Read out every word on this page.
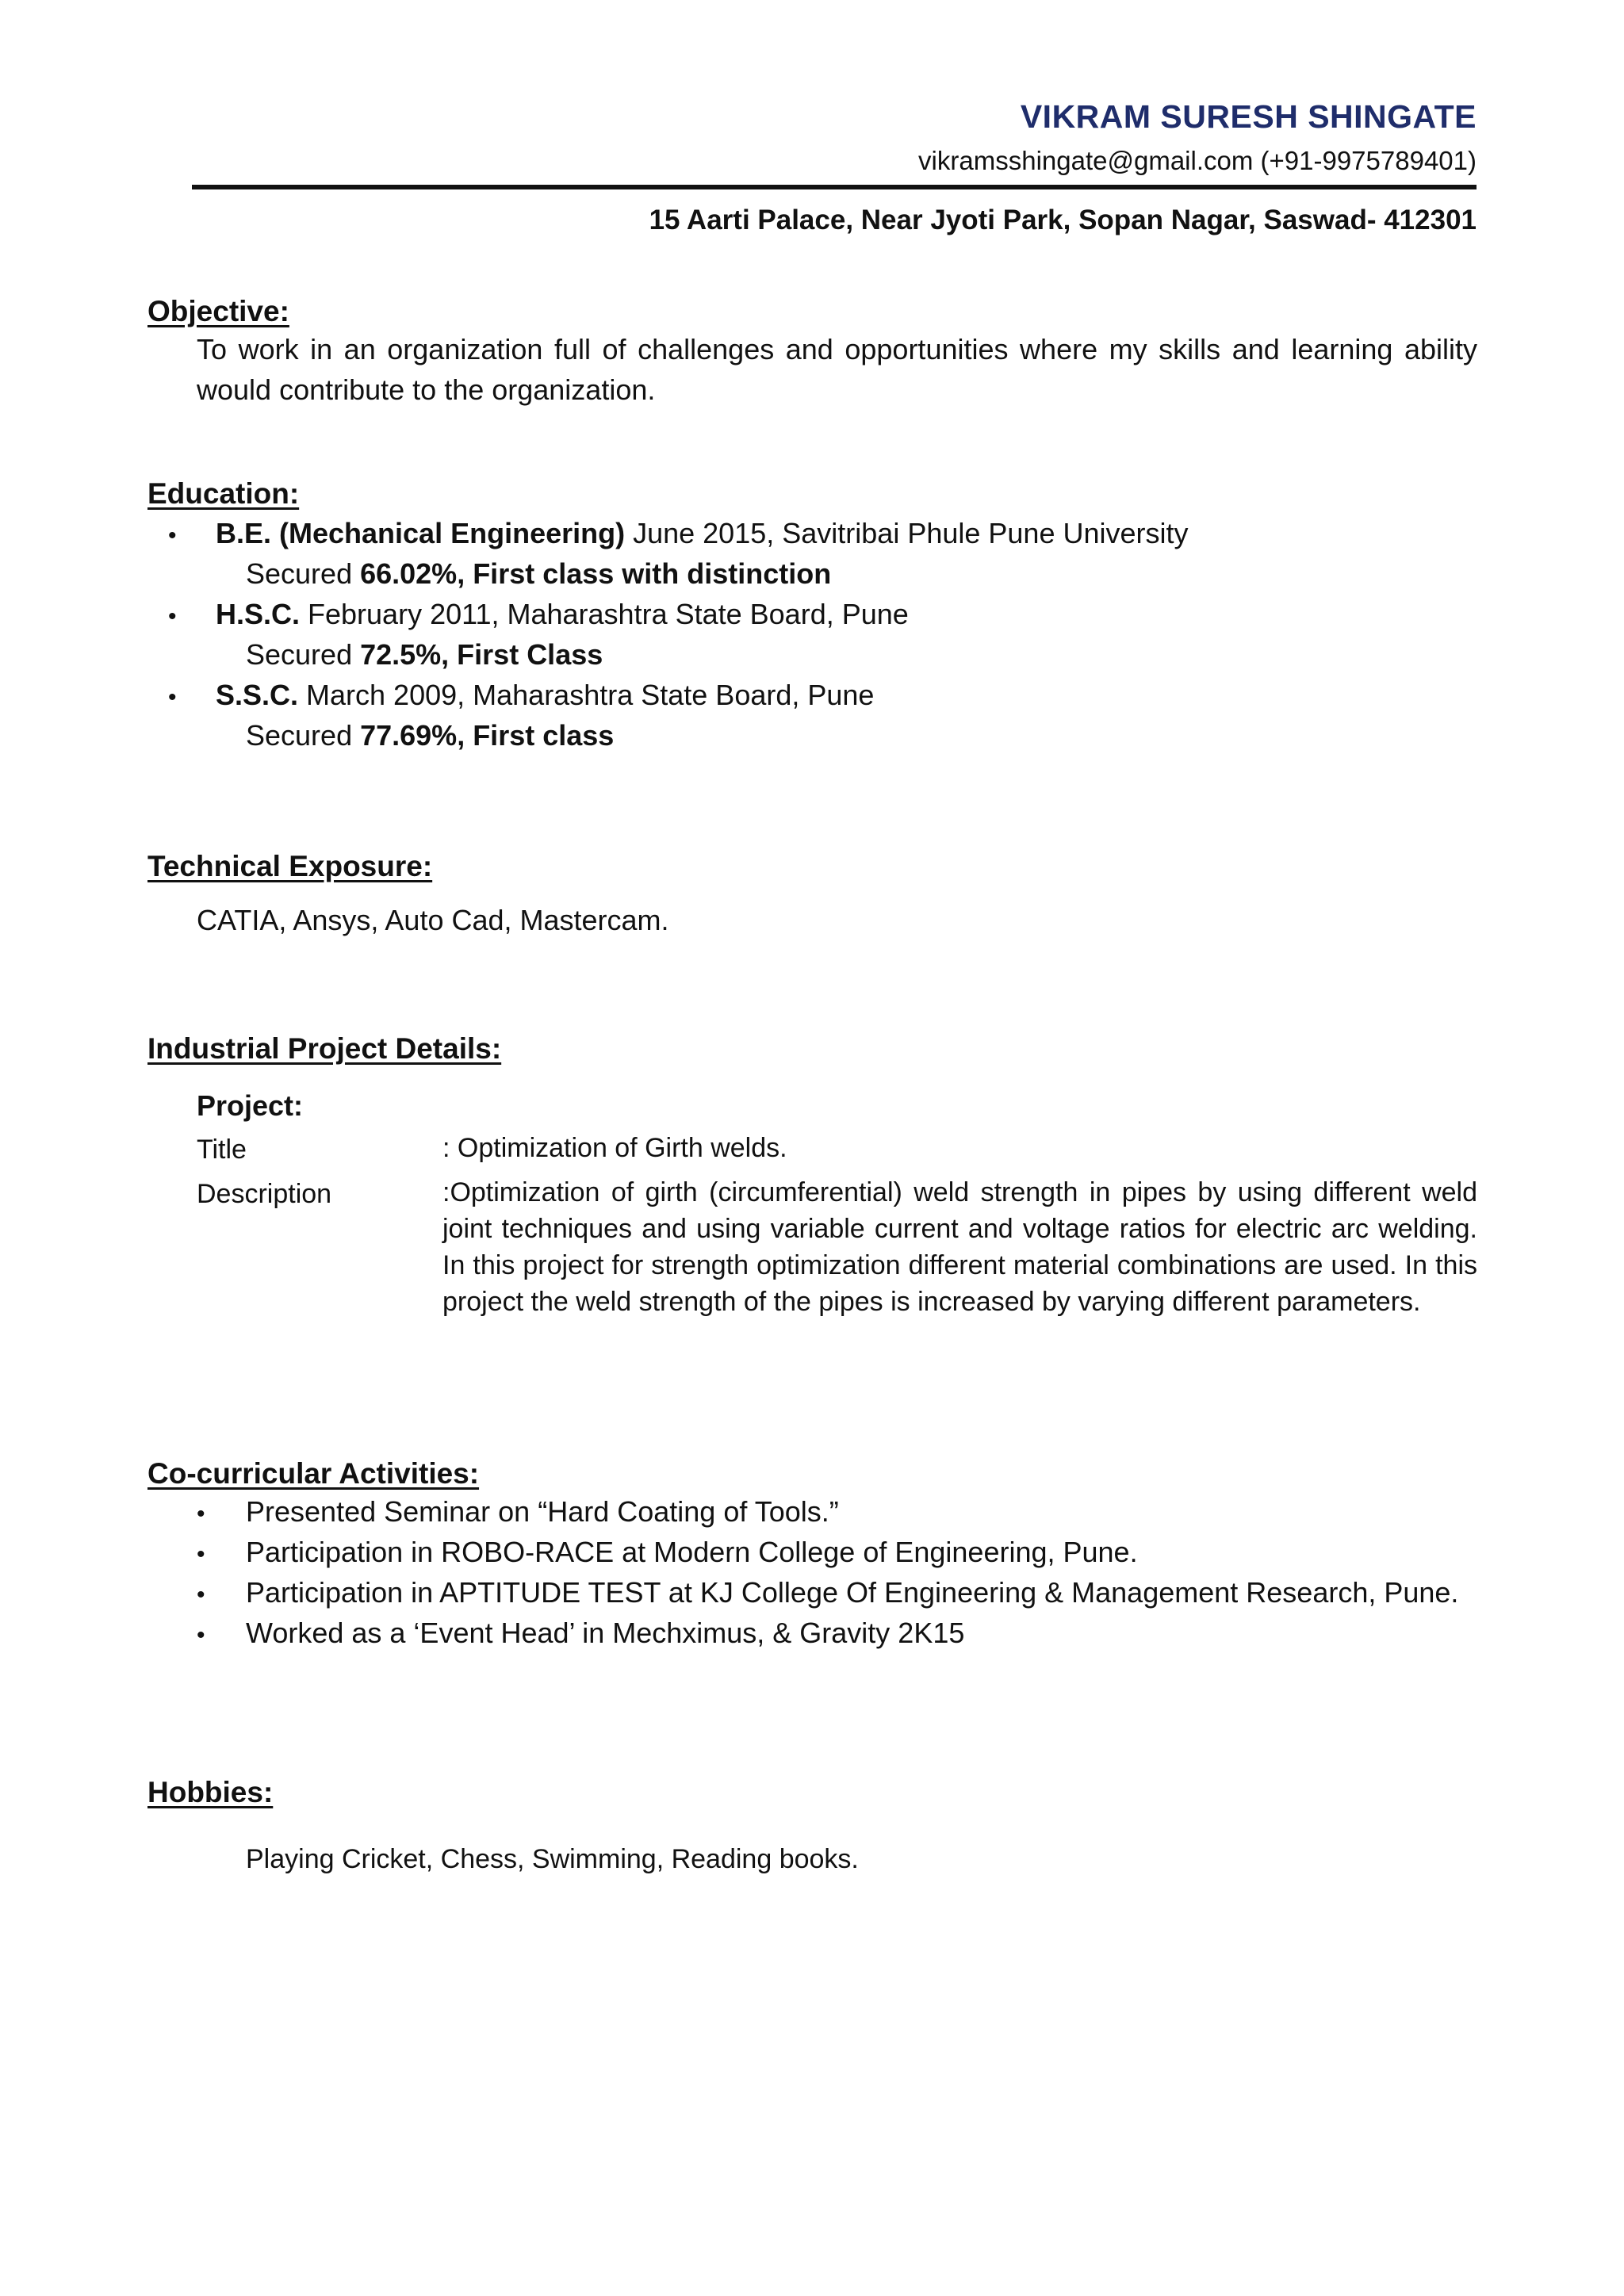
VIKRAM SURESH SHINGATE
vikramsshingate@gmail.com (+91-9975789401)
15 Aarti Palace, Near Jyoti Park, Sopan Nagar, Saswad- 412301
Objective:
To work in an organization full of challenges and opportunities where my skills and learning ability would contribute to the organization.
Education:
• B.E. (Mechanical Engineering) June 2015, Savitribai Phule Pune University
Secured 66.02%, First class with distinction
• H.S.C. February 2011, Maharashtra State Board, Pune
Secured 72.5%, First Class
• S.S.C. March 2009, Maharashtra State Board, Pune
Secured 77.69%, First class
Technical Exposure:
CATIA, Ansys, Auto Cad, Mastercam.
Industrial Project Details:
Project:
Title	: Optimization of Girth welds.
Description	:Optimization of girth (circumferential) weld strength in pipes by using different weld joint techniques and using variable current and voltage ratios for electric arc welding. In this project for strength optimization different material combinations are used. In this project the weld strength of the pipes is increased by varying different parameters.
Co-curricular Activities:
• Presented Seminar on “Hard Coating of Tools.”
• Participation in ROBO-RACE at Modern College of Engineering, Pune.
• Participation in APTITUDE TEST at KJ College Of Engineering & Management Research, Pune.
• Worked as a ‘Event Head’ in Mechximus, & Gravity 2K15
Hobbies:
Playing Cricket, Chess, Swimming, Reading books.
